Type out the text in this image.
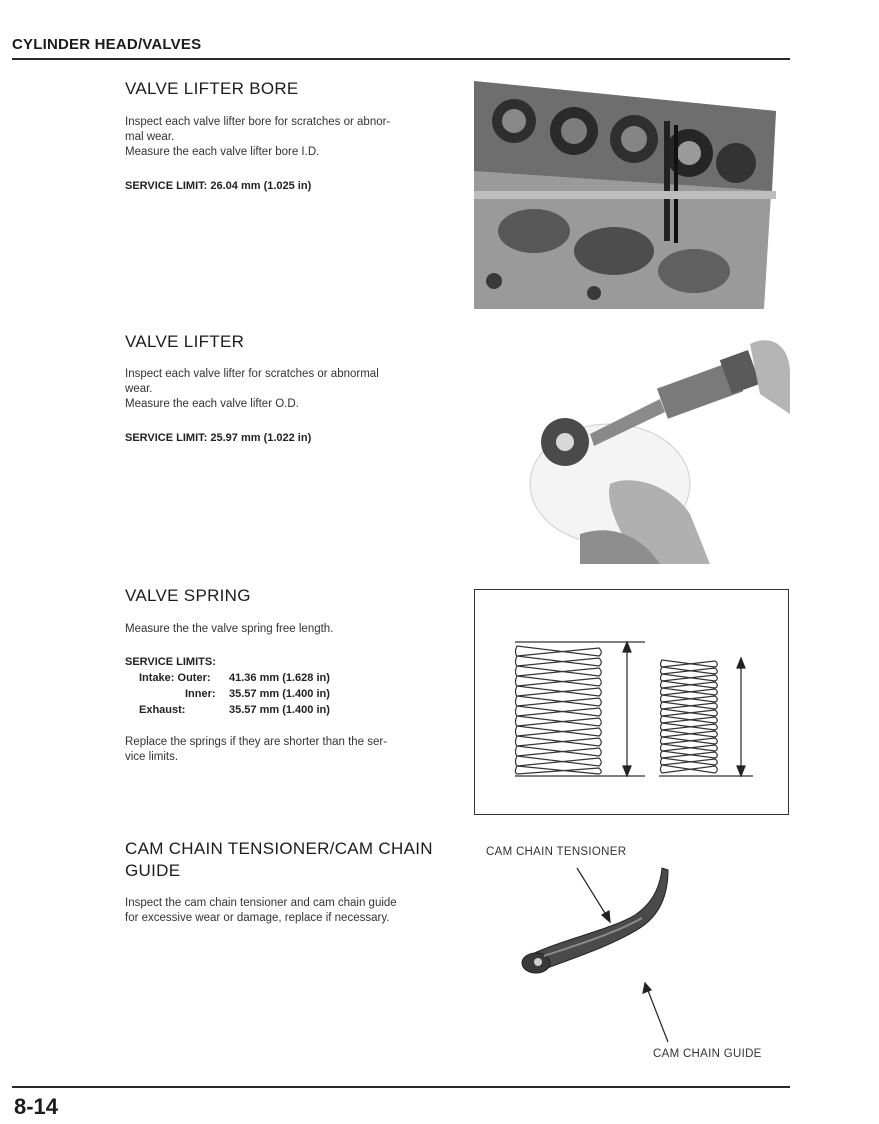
CYLINDER HEAD/VALVES
VALVE LIFTER BORE
Inspect each valve lifter bore for scratches or abnor-
mal wear.
Measure the each valve lifter bore I.D.
SERVICE LIMIT: 26.04 mm (1.025 in)
VALVE LIFTER
Inspect each valve lifter for scratches or abnormal
wear.
Measure the each valve lifter O.D.
SERVICE LIMIT: 25.97 mm (1.022 in)
VALVE SPRING
Measure the the valve spring free length.
SERVICE LIMITS:
Intake: Outer: 41.36 mm (1.628 in)
Inner: 35.57 mm (1.400 in)
Exhaust:	35.57 mm (1.400 in)
Replace the springs if they are shorter than the ser-
vice limits.
CAM CHAIN TENSIONER/CAM CHAIN
GUIDE
Inspect the cam chain tensioner and cam chain guide
for excessive wear or damage, replace if necessary.
CAM CHAIN TENSIONER
CAM CHAIN GUIDE
8-14
